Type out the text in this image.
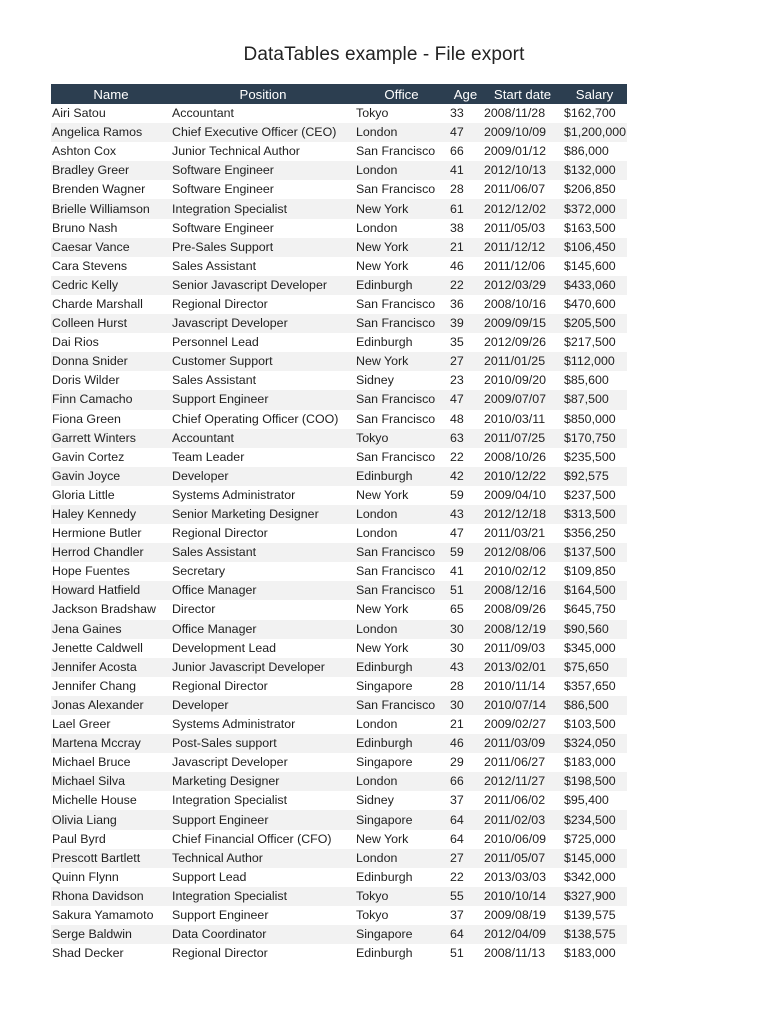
DataTables example - File export
Name	Position	Office	Age	Start date	Salary
Airi Satou	Accountant	Tokyo	33	2008/11/28	$162,700
Angelica Ramos	Chief Executive Officer (CEO)	London	47	2009/10/09	$1,200,000
Ashton Cox	Junior Technical Author	San Francisco	66	2009/01/12	$86,000
Bradley Greer	Software Engineer	London	41	2012/10/13	$132,000
Brenden Wagner	Software Engineer	San Francisco	28	2011/06/07	$206,850
Brielle Williamson	Integration Specialist	New York	61	2012/12/02	$372,000
Bruno Nash	Software Engineer	London	38	2011/05/03	$163,500
Caesar Vance	Pre-Sales Support	New York	21	2011/12/12	$106,450
Cara Stevens	Sales Assistant	New York	46	2011/12/06	$145,600
Cedric Kelly	Senior Javascript Developer	Edinburgh	22	2012/03/29	$433,060
Charde Marshall	Regional Director	San Francisco	36	2008/10/16	$470,600
Colleen Hurst	Javascript Developer	San Francisco	39	2009/09/15	$205,500
Dai Rios	Personnel Lead	Edinburgh	35	2012/09/26	$217,500
Donna Snider	Customer Support	New York	27	2011/01/25	$112,000
Doris Wilder	Sales Assistant	Sidney	23	2010/09/20	$85,600
Finn Camacho	Support Engineer	San Francisco	47	2009/07/07	$87,500
Fiona Green	Chief Operating Officer (COO)	San Francisco	48	2010/03/11	$850,000
Garrett Winters	Accountant	Tokyo	63	2011/07/25	$170,750
Gavin Cortez	Team Leader	San Francisco	22	2008/10/26	$235,500
Gavin Joyce	Developer	Edinburgh	42	2010/12/22	$92,575
Gloria Little	Systems Administrator	New York	59	2009/04/10	$237,500
Haley Kennedy	Senior Marketing Designer	London	43	2012/12/18	$313,500
Hermione Butler	Regional Director	London	47	2011/03/21	$356,250
Herrod Chandler	Sales Assistant	San Francisco	59	2012/08/06	$137,500
Hope Fuentes	Secretary	San Francisco	41	2010/02/12	$109,850
Howard Hatfield	Office Manager	San Francisco	51	2008/12/16	$164,500
Jackson Bradshaw	Director	New York	65	2008/09/26	$645,750
Jena Gaines	Office Manager	London	30	2008/12/19	$90,560
Jenette Caldwell	Development Lead	New York	30	2011/09/03	$345,000
Jennifer Acosta	Junior Javascript Developer	Edinburgh	43	2013/02/01	$75,650
Jennifer Chang	Regional Director	Singapore	28	2010/11/14	$357,650
Jonas Alexander	Developer	San Francisco	30	2010/07/14	$86,500
Lael Greer	Systems Administrator	London	21	2009/02/27	$103,500
Martena Mccray	Post-Sales support	Edinburgh	46	2011/03/09	$324,050
Michael Bruce	Javascript Developer	Singapore	29	2011/06/27	$183,000
Michael Silva	Marketing Designer	London	66	2012/11/27	$198,500
Michelle House	Integration Specialist	Sidney	37	2011/06/02	$95,400
Olivia Liang	Support Engineer	Singapore	64	2011/02/03	$234,500
Paul Byrd	Chief Financial Officer (CFO)	New York	64	2010/06/09	$725,000
Prescott Bartlett	Technical Author	London	27	2011/05/07	$145,000
Quinn Flynn	Support Lead	Edinburgh	22	2013/03/03	$342,000
Rhona Davidson	Integration Specialist	Tokyo	55	2010/10/14	$327,900
Sakura Yamamoto	Support Engineer	Tokyo	37	2009/08/19	$139,575
Serge Baldwin	Data Coordinator	Singapore	64	2012/04/09	$138,575
Shad Decker	Regional Director	Edinburgh	51	2008/11/13	$183,000
